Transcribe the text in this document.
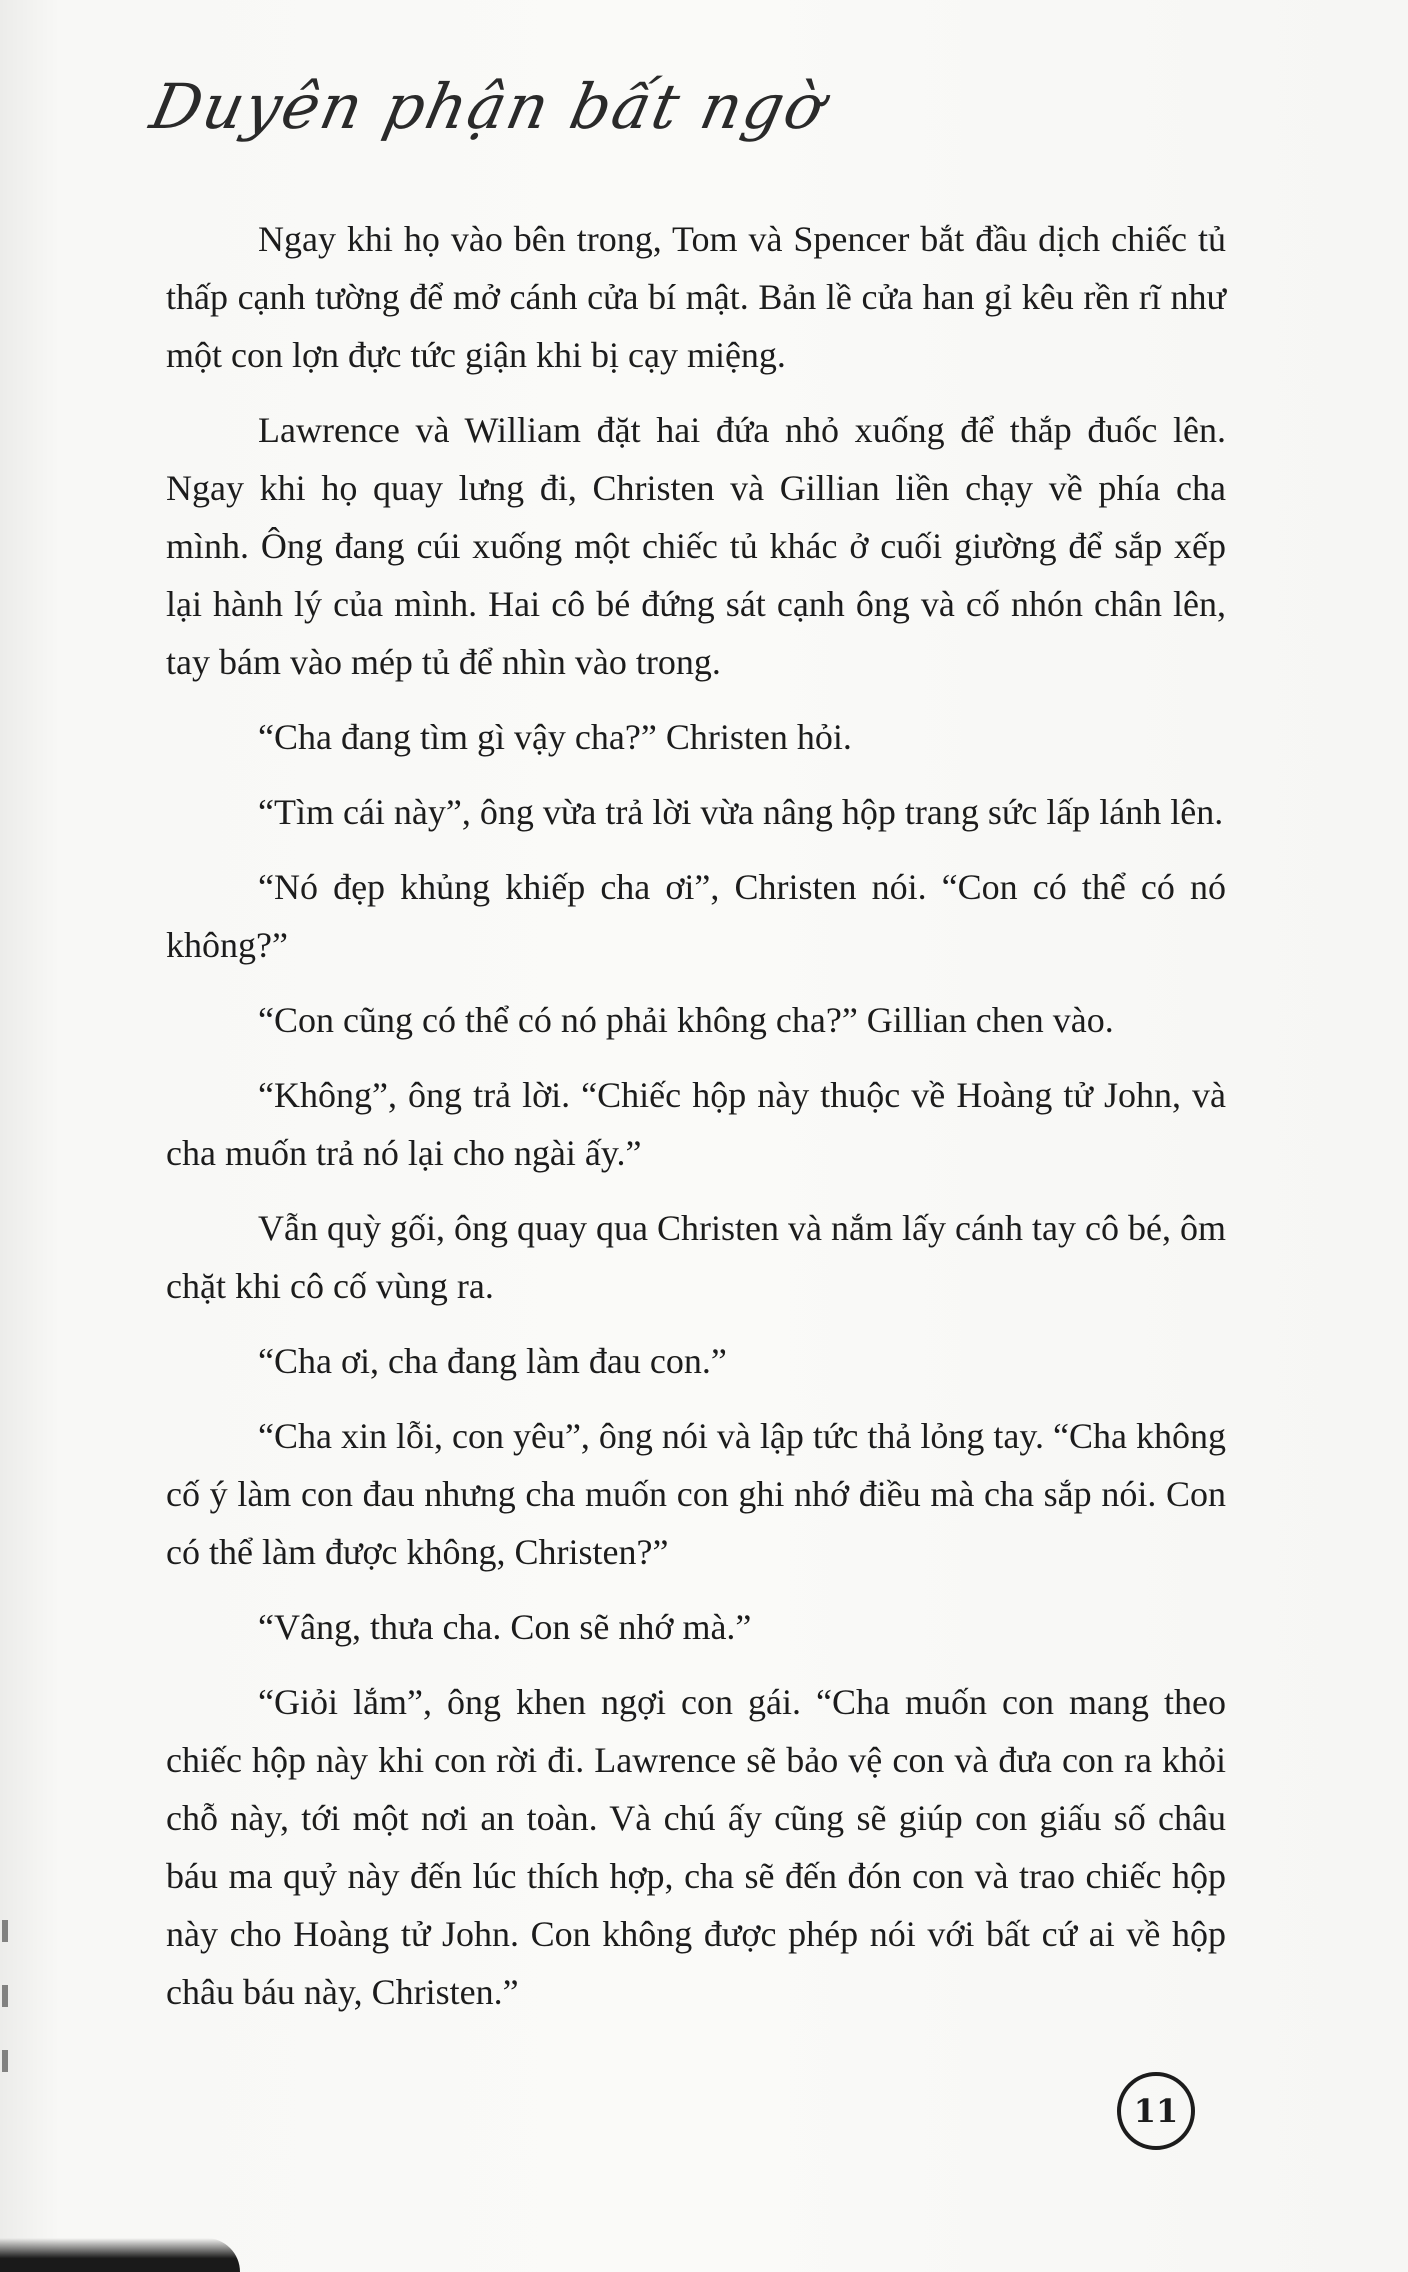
Duyên phận bất ngờ

Ngay khi họ vào bên trong, Tom và Spencer bắt đầu dịch chiếc tủ thấp cạnh tường để mở cánh cửa bí mật. Bản lề cửa han gỉ kêu rền rĩ như một con lợn đực tức giận khi bị cạy miệng.

Lawrence và William đặt hai đứa nhỏ xuống để thắp đuốc lên. Ngay khi họ quay lưng đi, Christen và Gillian liền chạy về phía cha mình. Ông đang cúi xuống một chiếc tủ khác ở cuối giường để sắp xếp lại hành lý của mình. Hai cô bé đứng sát cạnh ông và cố nhón chân lên, tay bám vào mép tủ để nhìn vào trong.

“Cha đang tìm gì vậy cha?” Christen hỏi.

“Tìm cái này”, ông vừa trả lời vừa nâng hộp trang sức lấp lánh lên.

“Nó đẹp khủng khiếp cha ơi”, Christen nói. “Con có thể có nó không?”

“Con cũng có thể có nó phải không cha?” Gillian chen vào.

“Không”, ông trả lời. “Chiếc hộp này thuộc về Hoàng tử John, và cha muốn trả nó lại cho ngài ấy.”

Vẫn quỳ gối, ông quay qua Christen và nắm lấy cánh tay cô bé, ôm chặt khi cô cố vùng ra.

“Cha ơi, cha đang làm đau con.”

“Cha xin lỗi, con yêu”, ông nói và lập tức thả lỏng tay. “Cha không cố ý làm con đau nhưng cha muốn con ghi nhớ điều mà cha sắp nói. Con có thể làm được không, Christen?”

“Vâng, thưa cha. Con sẽ nhớ mà.”

“Giỏi lắm”, ông khen ngợi con gái. “Cha muốn con mang theo chiếc hộp này khi con rời đi. Lawrence sẽ bảo vệ con và đưa con ra khỏi chỗ này, tới một nơi an toàn. Và chú ấy cũng sẽ giúp con giấu số châu báu ma quỷ này đến lúc thích hợp, cha sẽ đến đón con và trao chiếc hộp này cho Hoàng tử John. Con không được phép nói với bất cứ ai về hộp châu báu này, Christen.”

11
